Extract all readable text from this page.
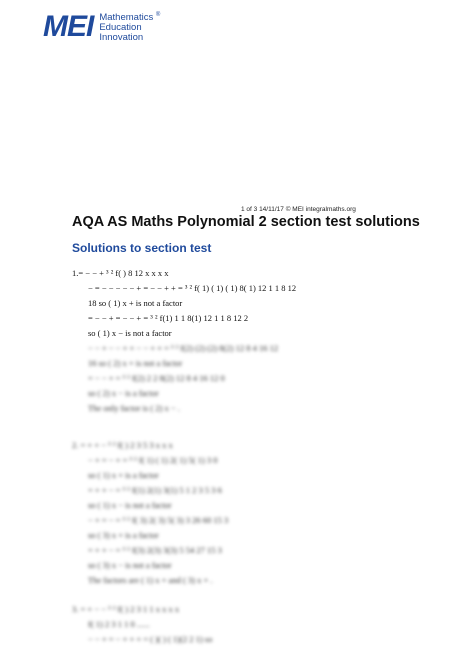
MEI Mathematics ®
Education
Innovation
1 of 3 14/11/17 © MEI integralmaths.org
AQA AS Maths Polynomial 2 section test solutions
Solutions to section test
1.= − − + ³ ² f( ) 8 12 x x x x
− = − − − − − + = − − + + = ³ ² f( 1) ( 1) ( 1) 8( 1) 12 1 1 8 12
18 so ( 1) x + is not a factor
= − − + = − − + = ³ ² f(1) 1 1 8(1) 12 1 1 8 12 2
so ( 1) x − is not a factor
− − + − − + + − − + + = ³ ² f(2) (2) (2) 8(2) 12 8 4 16 12
16 so ( 2) x + is not a factor
= − − + = ³ ² f(2) 2 2 8(2) 12 8 4 16 12 0
so ( 2) x − is a factor
The only factor is ( 2) x − .
2. = + + − ³ ² f( ) 2 3 5 3 x x x
− + = − + = ³ ² f( 1) ( 1) 2( 1) 5( 1) 3 0
so ( 1) x + is a factor
= + + − = ³ ² f(1) 2(1) 3(1) 5 1 2 3 5 3 6
so ( 1) x − is not a factor
− + = − = ³ ² f( 3) 2( 3) 5( 3) 3 26 60 15 3
so ( 3) x + is a factor
= + + − = ³ ² f(3) 2(3) 3(3) 5 54 27 15 3
so ( 3) x − is not a factor
The factors are ( 1) x + and ( 3) x + .
3. = + − − ³ ² f( ) 2 3 1 1 x x x x
f( 1) 2 3 1 1 0 ......
− − + = − + + + = ( )( ) ( 1)(2 2 1) so
